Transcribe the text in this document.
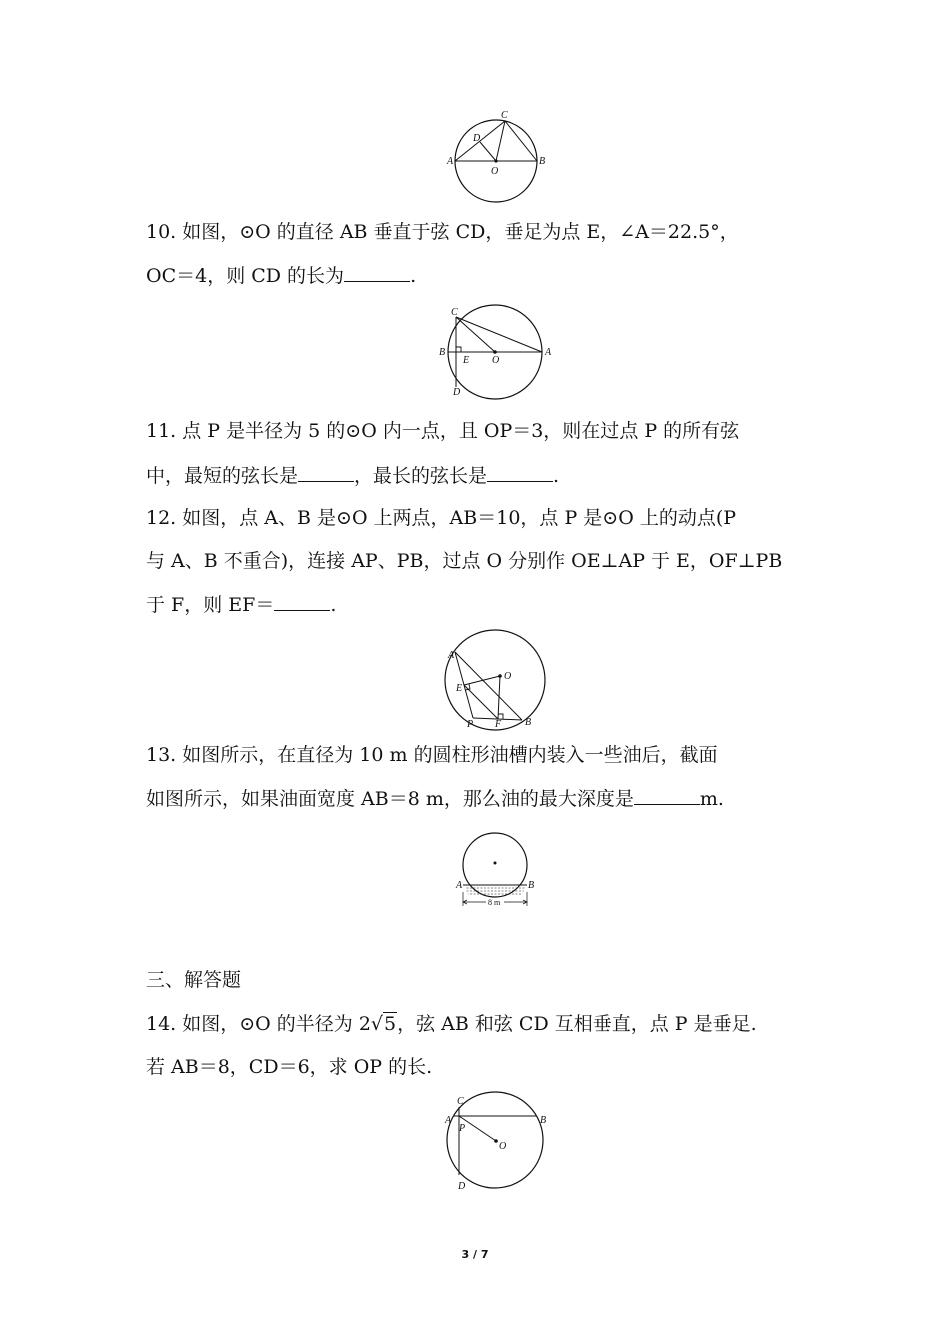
A	B
C
D
O
10. 如图，⊙O 的直径 AB 垂直于弦 CD，垂足为点 E，∠A＝22.5°，
OC＝4，则 CD 的长为	.
C
B	A
E O
D
11. 点 P 是半径为 5 的⊙O 内一点，且 OP＝3，则在过点 P 的所有弦
中，最短的弦长是	，最长的弦长是	.
12. 如图，点 A、B 是⊙O 上两点，AB＝10，点 P 是⊙O 上的动点(P
与 A、B 不重合)，连接 AP、PB，过点 O 分别作 OE⊥AP 于 E，OF⊥PB
于 F，则 EF＝	.
A
O
E
P F B
13. 如图所示，在直径为 10 m 的圆柱形油槽内装入一些油后，截面
如图所示，如果油面宽度 AB＝8 m，那么油的最大深度是	m.
8 m
A	B
三、解答题
14. 如图，⊙O 的半径为 2√5，弦 AB 和弦 CD 互相垂直，点 P 是垂足.
若 AB＝8，CD＝6，求 OP 的长.
C
A	B
P
O
D
3 / 7
